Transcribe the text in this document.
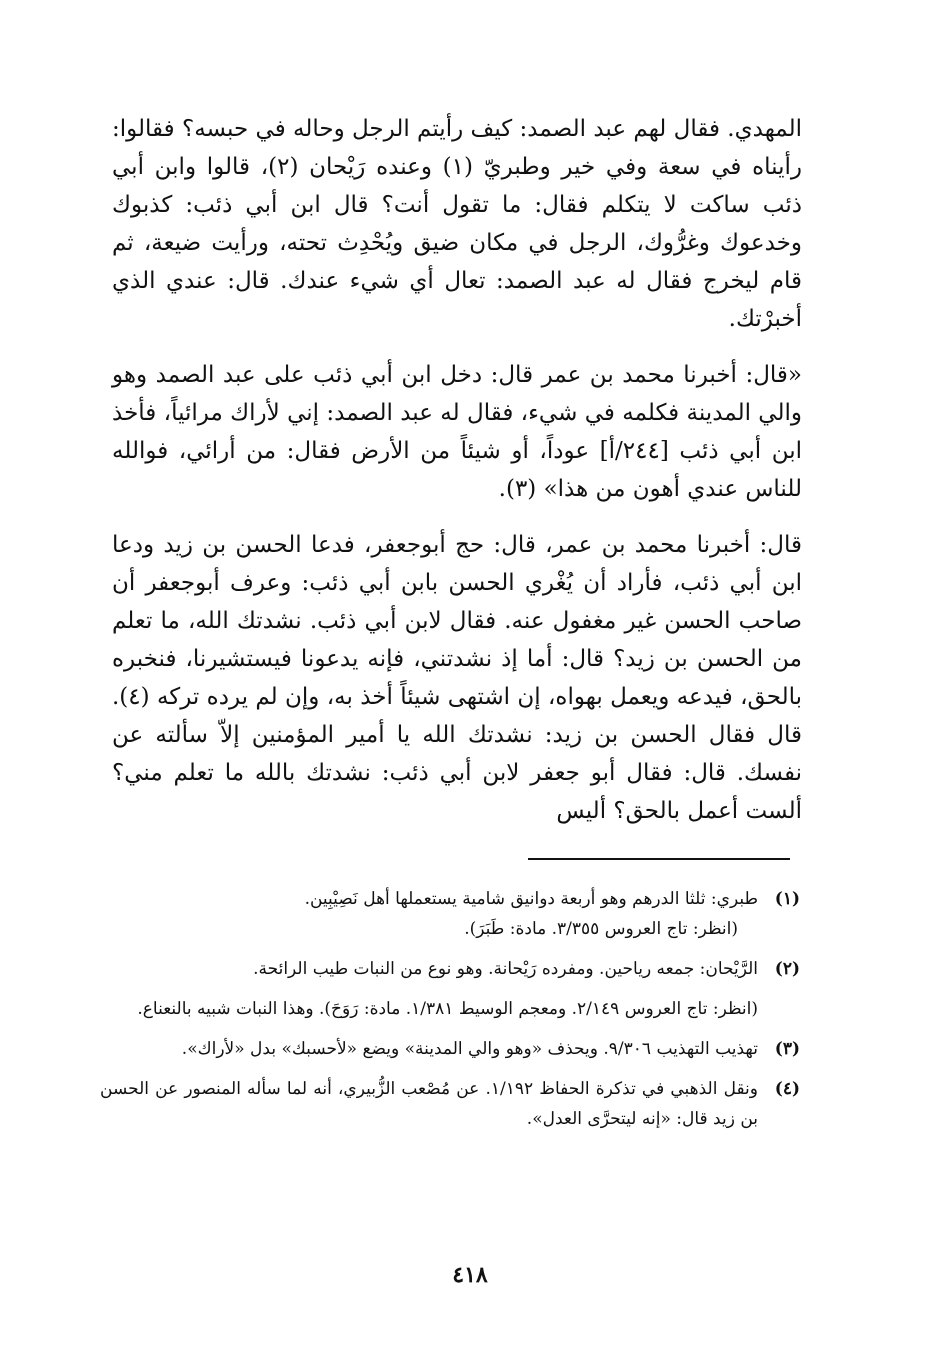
المهدي. فقال لهم عبد الصمد: كيف رأيتم الرجل وحاله في حبسه؟ فقالوا: رأيناه في سعة وفي خير وطبريّ (١) وعنده رَيْحان (٢)، قالوا وابن أبي ذئب ساكت لا يتكلم فقال: ما تقول أنت؟ قال ابن أبي ذئب: كذبوك وخدعوك وغرُّوك، الرجل في مكان ضيق ويُحْدِث تحته، ورأيت ضيعة، ثم قام ليخرج فقال له عبد الصمد: تعال أي شيء عندك. قال: عندي الذي أخبرْتك.

«قال: أخبرنا محمد بن عمر قال: دخل ابن أبي ذئب على عبد الصمد وهو والي المدينة فكلمه في شيء، فقال له عبد الصمد: إني لأراك مرائياً، فأخذ ابن أبي ذئب [٢٤٤/أ] عوداً، أو شيئاً من الأرض فقال: من أرائي، فوالله للناس عندي أهون من هذا» (٣).

قال: أخبرنا محمد بن عمر، قال: حج أبوجعفر، فدعا الحسن بن زيد ودعا ابن أبي ذئب، فأراد أن يُغْري الحسن بابن أبي ذئب: وعرف أبوجعفر أن صاحب الحسن غير مغفول عنه. فقال لابن أبي ذئب. نشدتك الله، ما تعلم من الحسن بن زيد؟ قال: أما إذ نشدتني، فإنه يدعونا فيستشيرنا، فنخبره بالحق، فيدعه ويعمل بهواه، إن اشتهى شيئاً أخذ به، وإن لم يرده تركه (٤). قال فقال الحسن بن زيد: نشدتك الله يا أمير المؤمنين إلاّ سألته عن نفسك. قال: فقال أبو جعفر لابن أبي ذئب: نشدتك بالله ما تعلم مني؟ ألست أعمل بالحق؟ أليس

(١)

طبري: ثلثا الدرهم وهو أربعة دوانيق شامية يستعملها أهل نَصِيْبِين.

(انظر: تاج العروس ٣/٣٥٥. مادة: طَبَرَ).

(٢)

الرَّيْحان: جمعه رياحين. ومفرده رَيْحانة. وهو نوع من النبات طيب الرائحة.

(انظر: تاج العروس ٢/١٤٩. ومعجم الوسيط ١/٣٨١. مادة: رَوَحَ). وهذا النبات شبيه بالنعناع.

(٣)

تهذيب التهذيب ٩/٣٠٦. ويحذف «وهو والي المدينة» ويضع «لأحسبك» بدل «لأراك».

(٤)

ونقل الذهبي في تذكرة الحفاظ ١/١٩٢. عن مُصْعب الزُّبيري، أنه لما سأله المنصور عن الحسن بن زيد قال: «إنه ليتحرَّى العدل».

٤١٨
